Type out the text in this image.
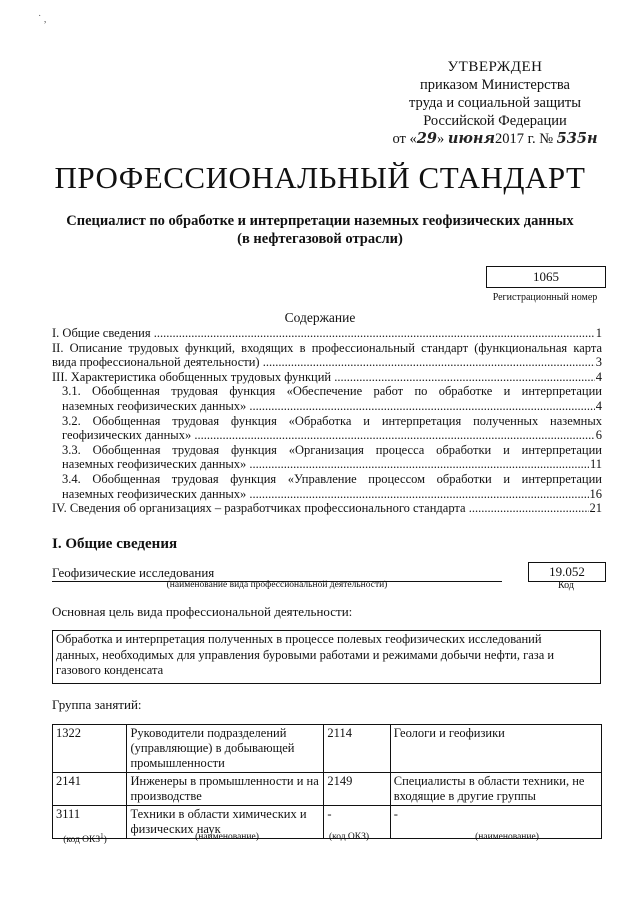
˙ ,
УТВЕРЖДЕН
приказом Министерства
труда и социальной защиты
Российской Федерации
от «29» июня2017 г. № 535н
ПРОФЕССИОНАЛЬНЫЙ СТАНДАРТ
Специалист по обработке и интерпретации наземных геофизических данных
(в нефтегазовой отрасли)
1065
Регистрационный номер
Содержание
I. Общие сведения .....	1
II. Описание трудовых функций, входящих в профессиональный стандарт (функциональная карта
вида профессиональной деятельности) .....	3
III. Характеристика обобщенных трудовых функций .....	4
3.1. Обобщенная трудовая функция «Обеспечение работ по обработке и интерпретации
наземных геофизических данных» .....	4
3.2. Обобщенная трудовая функция «Обработка и интерпретация полученных наземных
геофизических данных» .....	6
3.3. Обобщенная трудовая функция «Организация процесса обработки и интерпретации
наземных геофизических данных» .....	11
3.4. Обобщенная трудовая функция «Управление процессом обработки и интерпретации
наземных геофизических данных» .....	16
IV. Сведения об организациях – разработчиках профессионального стандарта .....	21
I. Общие сведения
Геофизические исследования
(наименование вида профессиональной деятельности)
19.052
Код
Основная цель вида профессиональной деятельности:
Обработка и интерпретация полученных в процессе полевых геофизических исследований
данных, необходимых для управления буровыми работами и режимами добычи нефти, газа и
газового конденсата
Группа занятий:
1322	Руководители подразделений (управляющие) в добывающей промышленности	2114	Геологи и геофизики
2141	Инженеры в промышленности и на производстве	2149	Специалисты в области техники, не входящие в другие группы
3111	Техники в области химических и физических наук	-	-
(код ОКЗ$^1$)	(наименование)	(код ОКЗ)	(наименование)
